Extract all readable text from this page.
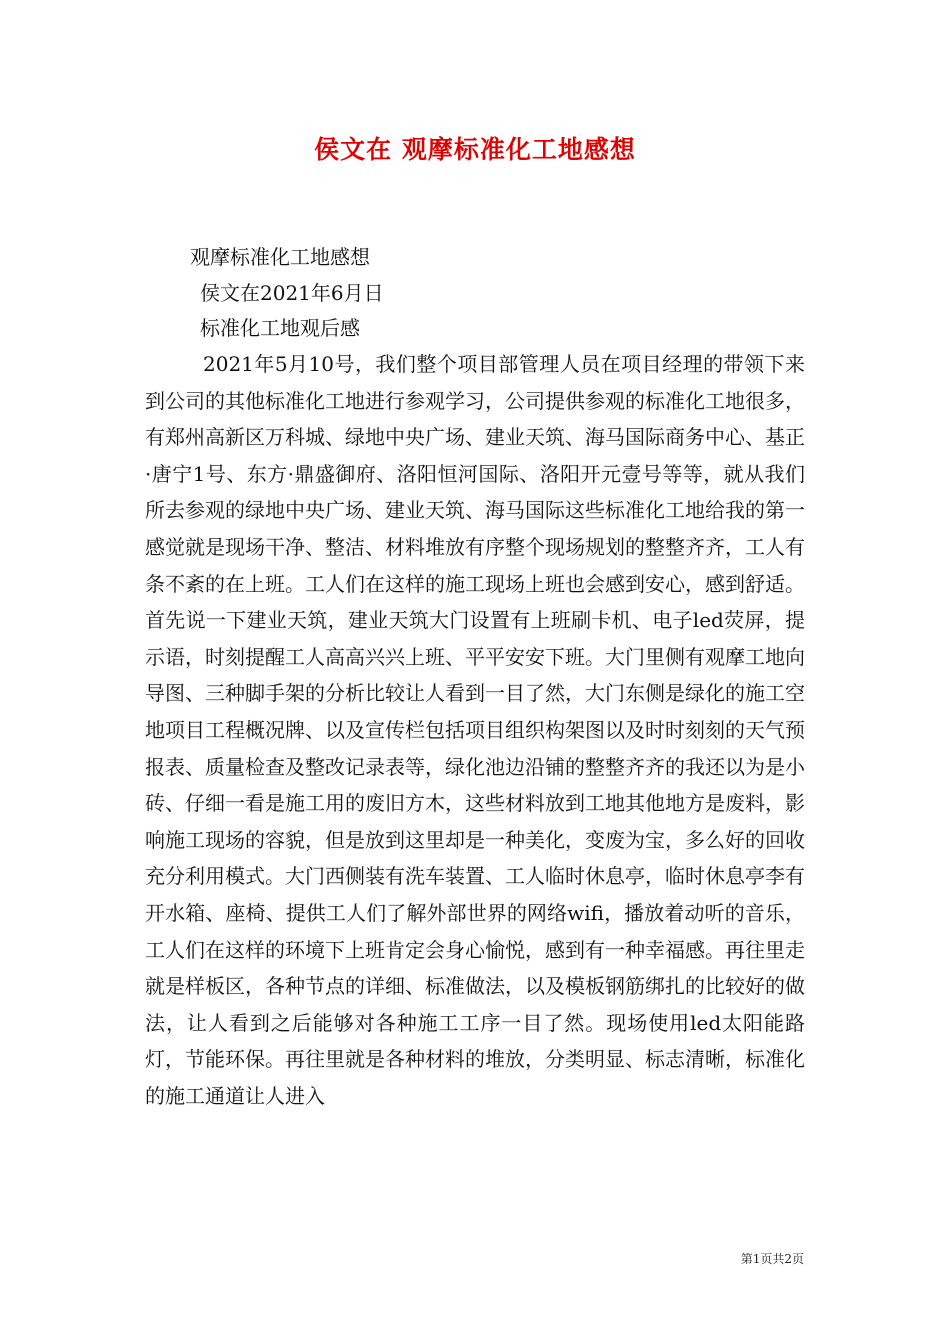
侯文在 观摩标准化工地感想

观摩标准化工地感想

侯文在2021年6月日

标准化工地观后感

2021年5月10号，我们整个项目部管理人员在项目经理的带领下来到公司的其他标准化工地进行参观学习，公司提供参观的标准化工地很多，有郑州高新区万科城、绿地中央广场、建业天筑、海马国际商务中心、基正·唐宁1号、东方·鼎盛御府、洛阳恒河国际、洛阳开元壹号等等，就从我们所去参观的绿地中央广场、建业天筑、海马国际这些标准化工地给我的第一感觉就是现场干净、整洁、材料堆放有序整个现场规划的整整齐齐，工人有条不紊的在上班。工人们在这样的施工现场上班也会感到安心，感到舒适。首先说一下建业天筑，建业天筑大门设置有上班刷卡机、电子led荧屏，提示语，时刻提醒工人高高兴兴上班、平平安安下班。大门里侧有观摩工地向导图、三种脚手架的分析比较让人看到一目了然，大门东侧是绿化的施工空地项目工程概况牌、以及宣传栏包括项目组织构架图以及时时刻刻的天气预报表、质量检查及整改记录表等，绿化池边沿铺的整整齐齐的我还以为是小砖、仔细一看是施工用的废旧方木，这些材料放到工地其他地方是废料，影响施工现场的容貌，但是放到这里却是一种美化，变废为宝，多么好的回收充分利用模式。大门西侧装有洗车装置、工人临时休息亭，临时休息亭李有开水箱、座椅、提供工人们了解外部世界的网络wifi，播放着动听的音乐，工人们在这样的环境下上班肯定会身心愉悦，感到有一种幸福感。再往里走就是样板区，各种节点的详细、标准做法，以及模板钢筋绑扎的比较好的做法，让人看到之后能够对各种施工工序一目了然。现场使用led太阳能路灯，节能环保。再往里就是各种材料的堆放，分类明显、标志清晰，标准化的施工通道让人进入

第1页共2页
